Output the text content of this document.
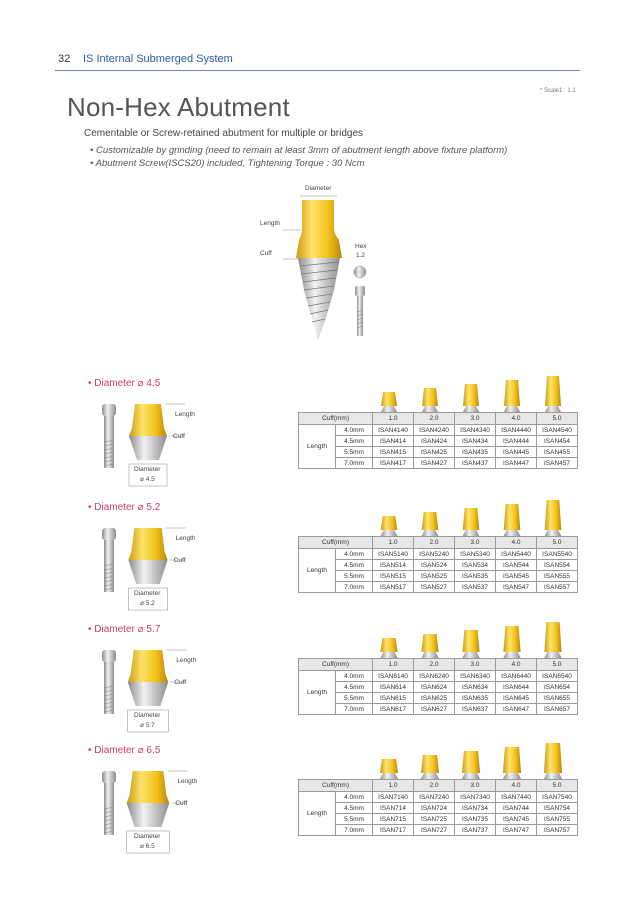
32 IS Internal Submerged System
* Scale1 : 1.1
Non-Hex Abutment
Cementable or Screw-retained abutment for multiple or bridges
• Customizable by grinding (need to remain at least 3mm of abutment length above fixture platform)
• Abutment Screw(ISCS20) included, Tightening Torque : 30 Ncm
Diameter
Length
Cuff
Hex
1.2
• Diameter ⌀ 4.5
Length
Cuff
Diameter
⌀ 4.5
Cuff(mm)		1.0	2.0	3.0	4.0	5.0
Length	4.0mm	ISAN4140	ISAN4240	ISAN4340	ISAN4440	ISAN4540
	4.5mm	ISAN414	ISAN424	ISAN434	ISAN444	ISAN454
	5.5mm	ISAN415	ISAN425	ISAN435	ISAN445	ISAN455
	7.0mm	ISAN417	ISAN427	ISAN437	ISAN447	ISAN457
• Diameter ⌀ 5.2
Length
Cuff
Diameter
⌀ 5.2
Cuff(mm)		1.0	2.0	3.0	4.0	5.0
Length	4.0mm	ISAN5140	ISAN5240	ISAN5340	ISAN5440	ISAN5540
	4.5mm	ISAN514	ISAN524	ISAN534	ISAN544	ISAN554
	5.5mm	ISAN515	ISAN525	ISAN535	ISAN545	ISAN555
	7.0mm	ISAN517	ISAN527	ISAN537	ISAN547	ISAN557
• Diameter ⌀ 5.7
Length
Cuff
Diameter
⌀ 5.7
Cuff(mm)		1.0	2.0	3.0	4.0	5.0
Length	4.0mm	ISAN6140	ISAN6240	ISAN6340	ISAN6440	ISAN6540
	4.5mm	ISAN614	ISAN624	ISAN634	ISAN644	ISAN654
	5.5mm	ISAN615	ISAN625	ISAN635	ISAN645	ISAN655
	7.0mm	ISAN617	ISAN627	ISAN637	ISAN647	ISAN657
• Diameter ⌀ 6.5
Length
Cuff
Diameter
⌀ 6.5
Cuff(mm)		1.0	2.0	3.0	4.0	5.0
Length	4.0mm	ISAN7140	ISAN7240	ISAN7340	ISAN7440	ISAN7540
	4.5mm	ISAN714	ISAN724	ISAN734	ISAN744	ISAN754
	5.5mm	ISAN715	ISAN725	ISAN735	ISAN745	ISAN755
	7.0mm	ISAN717	ISAN727	ISAN737	ISAN747	ISAN757
